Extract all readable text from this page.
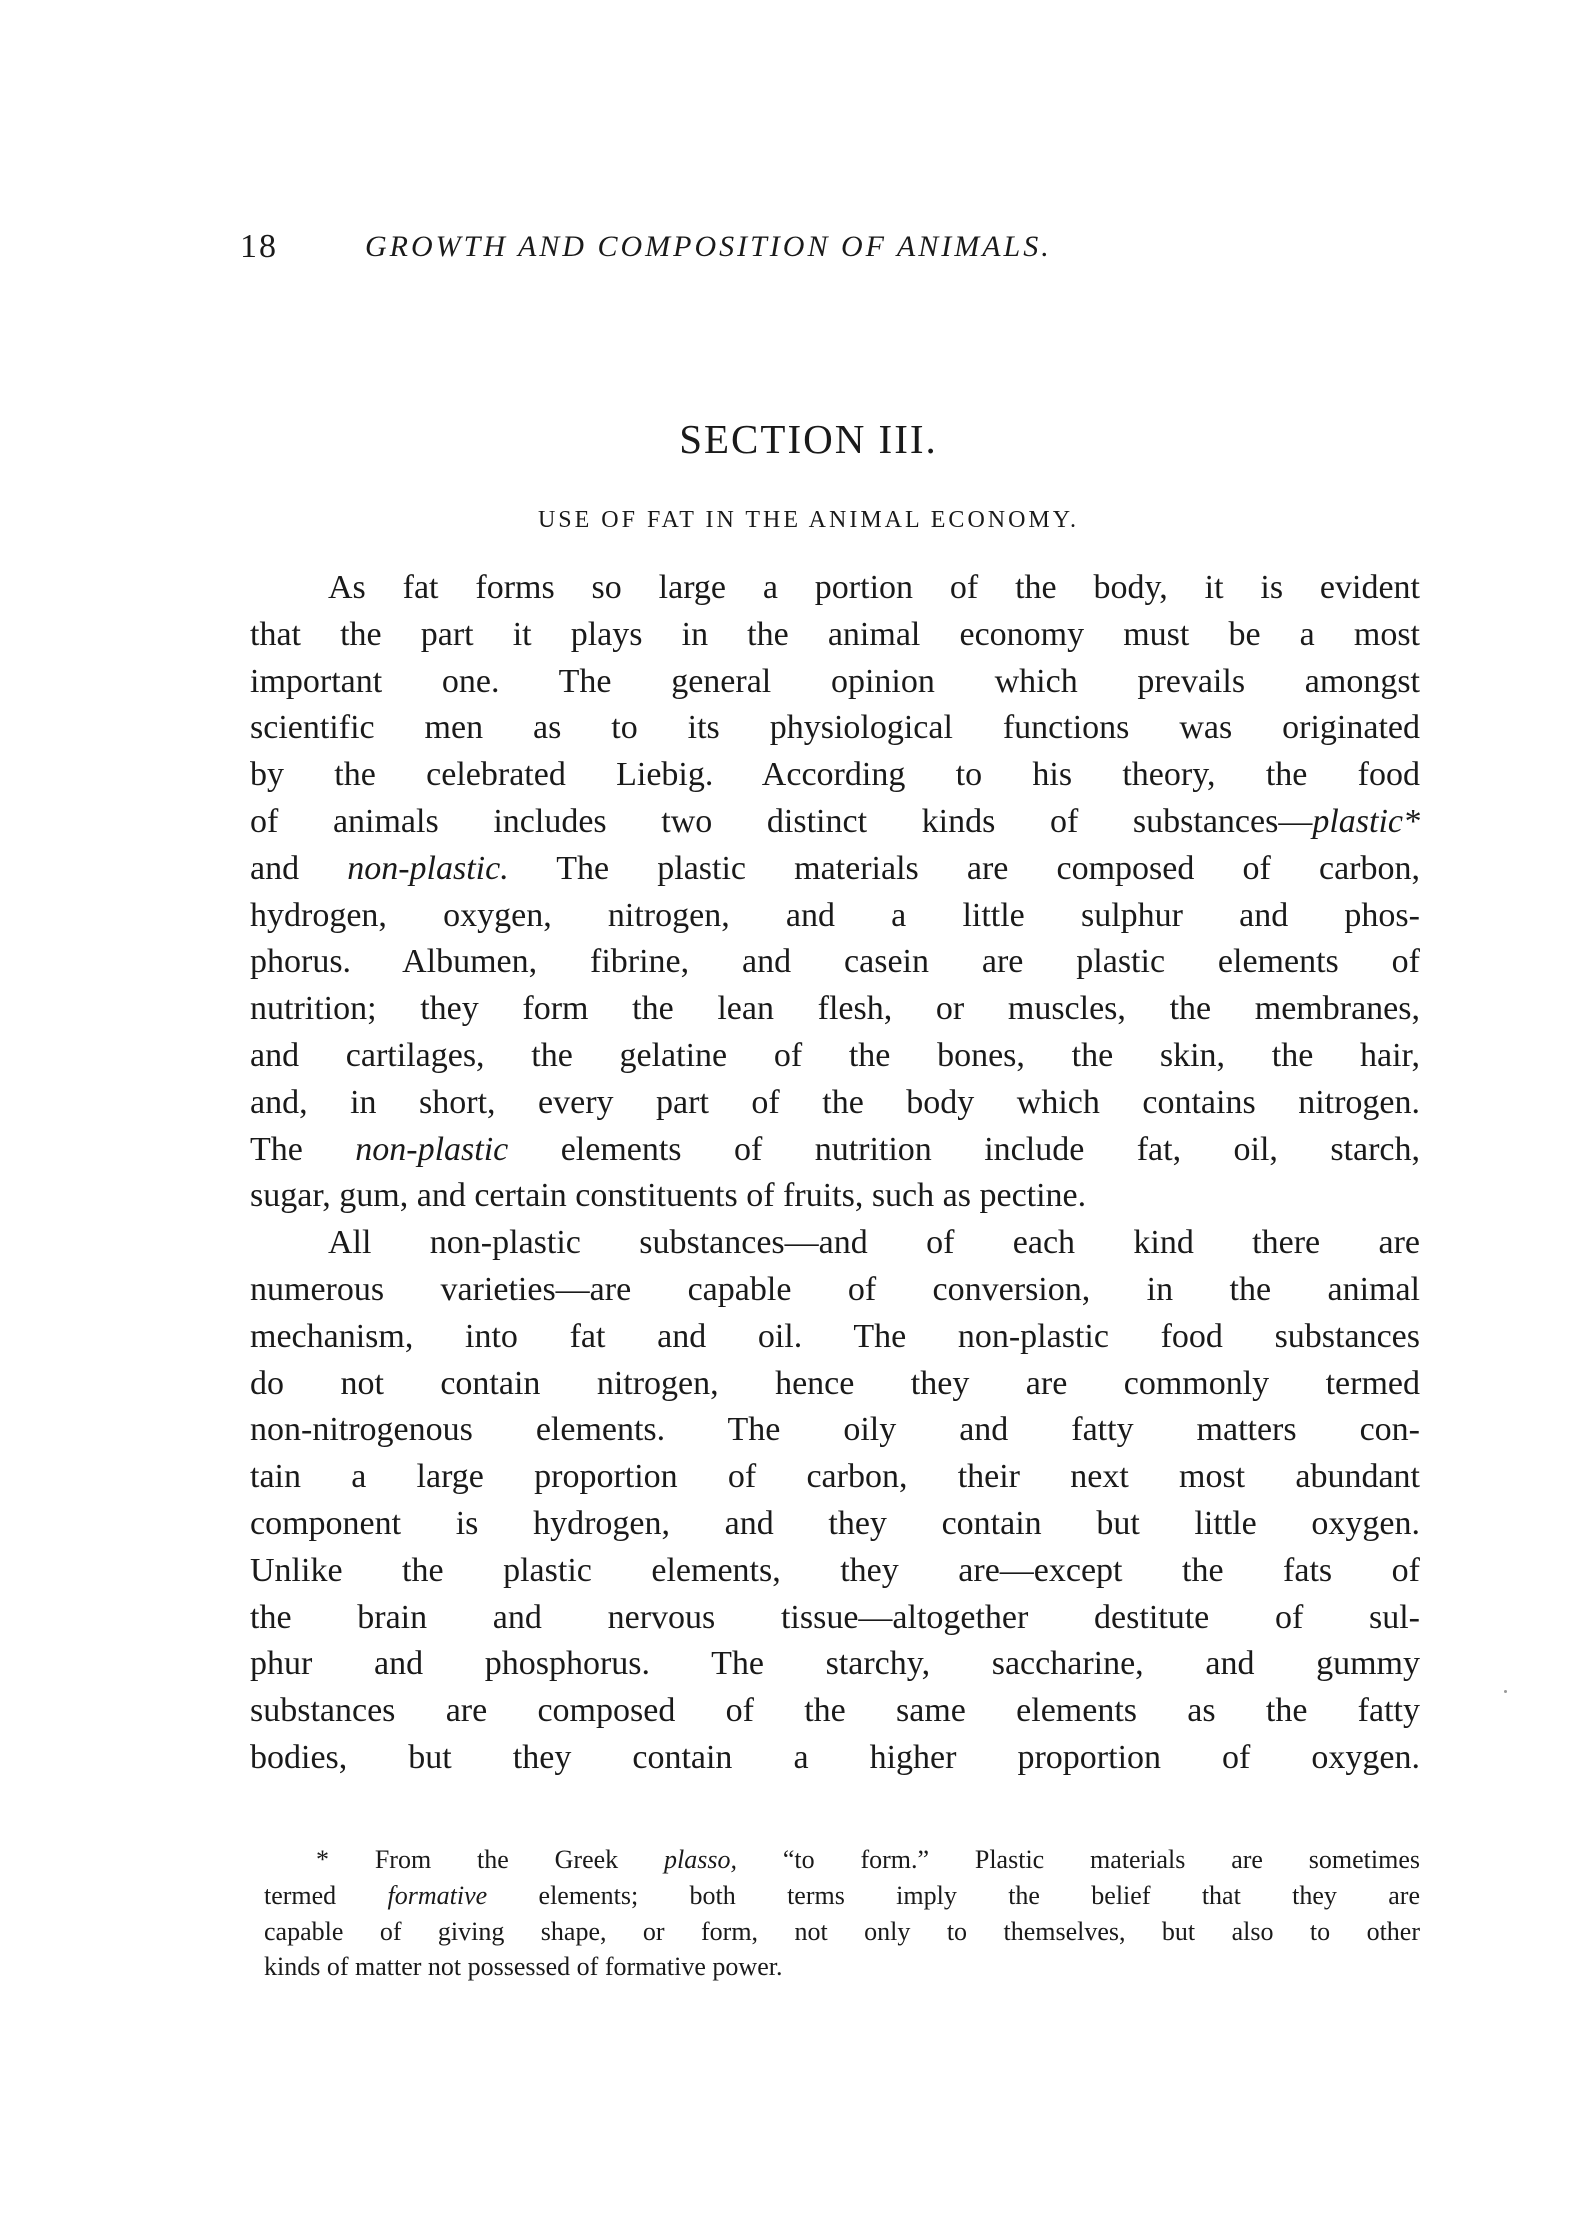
18	GROWTH AND COMPOSITION OF ANIMALS.
SECTION III.
USE OF FAT IN THE ANIMAL ECONOMY.
As fat forms so large a portion of the body, it is evident
that the part it plays in the animal economy must be a most
important one. The general opinion which prevails amongst
scientific men as to its physiological functions was originated
by the celebrated Liebig. According to his theory, the food
of animals includes two distinct kinds of substances—plastic*
and non-plastic. The plastic materials are composed of carbon,
hydrogen, oxygen, nitrogen, and a little sulphur and phos-
phorus. Albumen, fibrine, and casein are plastic elements of
nutrition; they form the lean flesh, or muscles, the membranes,
and cartilages, the gelatine of the bones, the skin, the hair,
and, in short, every part of the body which contains nitrogen.
The non-plastic elements of nutrition include fat, oil, starch,
sugar, gum, and certain constituents of fruits, such as pectine.
All non-plastic substances—and of each kind there are
numerous varieties—are capable of conversion, in the animal
mechanism, into fat and oil. The non-plastic food substances
do not contain nitrogen, hence they are commonly termed
non-nitrogenous elements. The oily and fatty matters con-
tain a large proportion of carbon, their next most abundant
component is hydrogen, and they contain but little oxygen.
Unlike the plastic elements, they are—except the fats of
the brain and nervous tissue—altogether destitute of sul-
phur and phosphorus. The starchy, saccharine, and gummy
substances are composed of the same elements as the fatty
bodies, but they contain a higher proportion of oxygen.
* From the Greek plasso, “to form.” Plastic materials are sometimes
termed formative elements; both terms imply the belief that they are
capable of giving shape, or form, not only to themselves, but also to other
kinds of matter not possessed of formative power.
